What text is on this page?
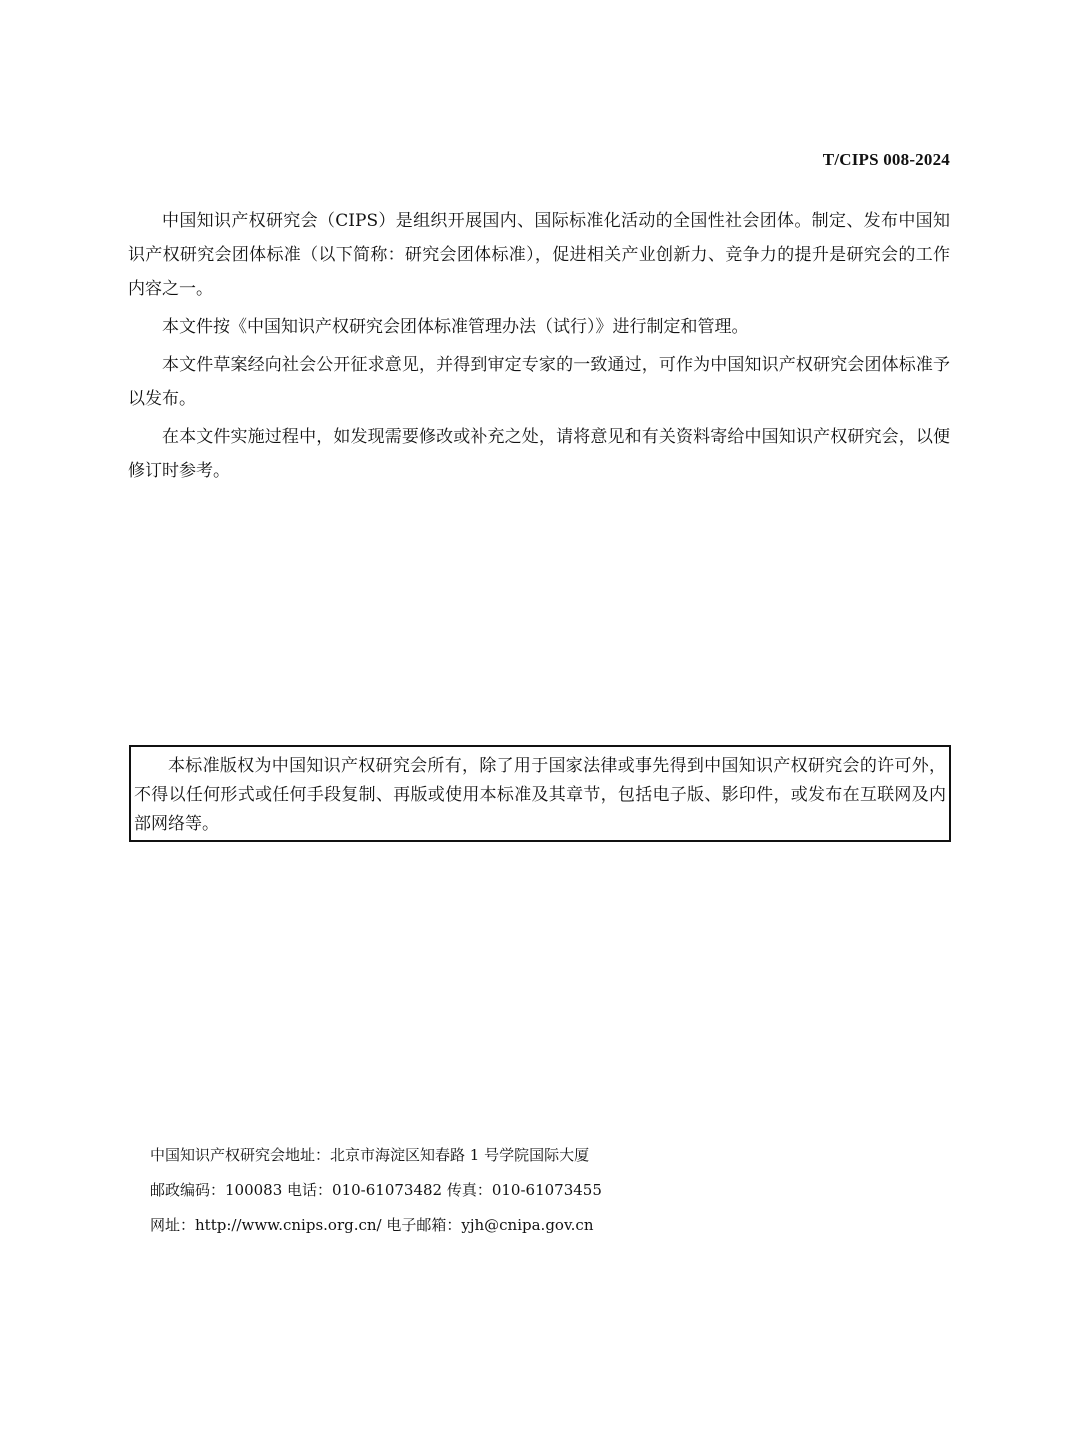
T/CIPS 008-2024

中国知识产权研究会（CIPS）是组织开展国内、国际标准化活动的全国性社会团体。制定、发布中国知识产权研究会团体标准（以下简称：研究会团体标准），促进相关产业创新力、竞争力的提升是研究会的工作内容之一。

本文件按《中国知识产权研究会团体标准管理办法（试行）》进行制定和管理。

本文件草案经向社会公开征求意见，并得到审定专家的一致通过，可作为中国知识产权研究会团体标准予以发布。

在本文件实施过程中，如发现需要修改或补充之处，请将意见和有关资料寄给中国知识产权研究会，以便修订时参考。

本标准版权为中国知识产权研究会所有，除了用于国家法律或事先得到中国知识产权研究会的许可外，不得以任何形式或任何手段复制、再版或使用本标准及其章节，包括电子版、影印件，或发布在互联网及内部网络等。

中国知识产权研究会地址：北京市海淀区知春路 1 号学院国际大厦
邮政编码：100083 电话：010-61073482 传真：010-61073455
网址：http://www.cnips.org.cn/ 电子邮箱：yjh@cnipa.gov.cn
